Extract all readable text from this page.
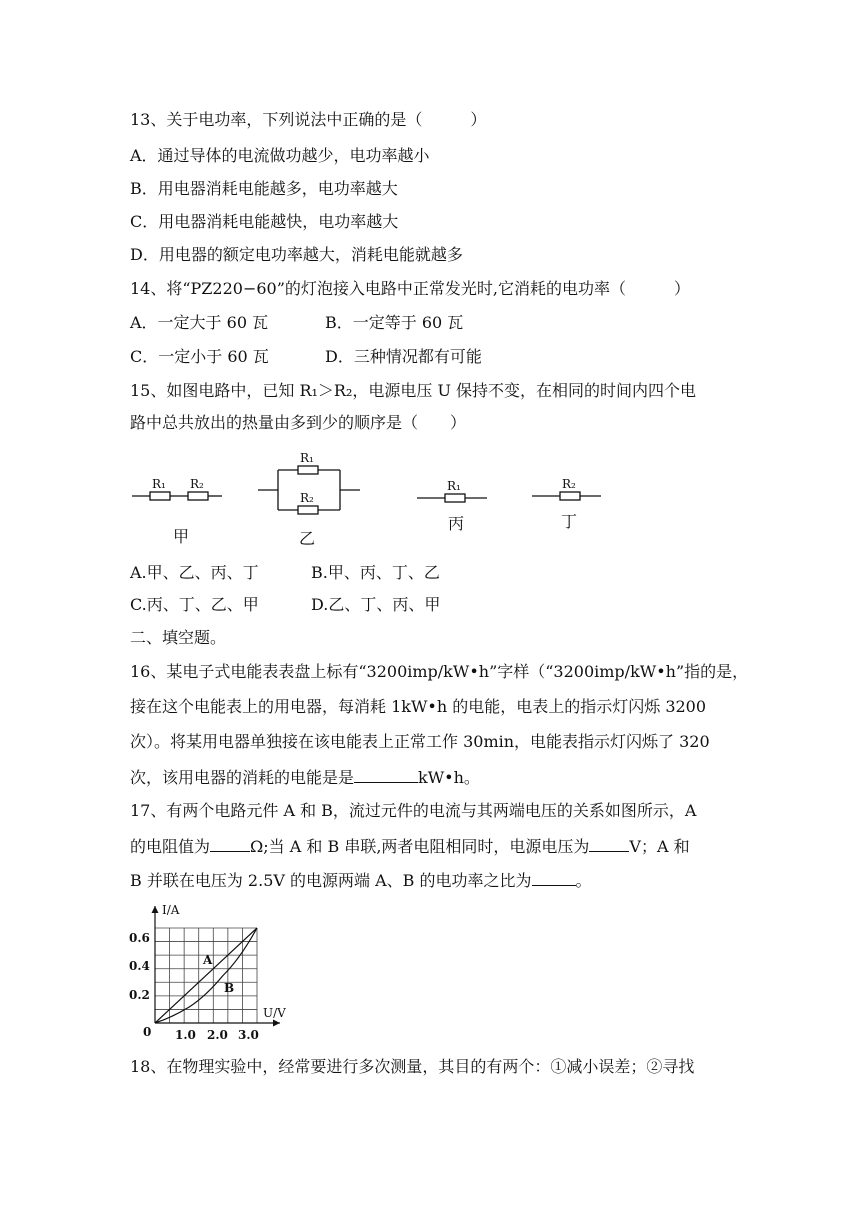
13、关于电功率，下列说法中正确的是（　　　）
A．通过导体的电流做功越少，电功率越小
B．用电器消耗电能越多，电功率越大
C．用电器消耗电能越快，电功率越大
D．用电器的额定电功率越大，消耗电能就越多
14、将“PZ220−60”的灯泡接入电路中正常发光时,它消耗的电功率（　　　）
A．一定大于 60 瓦	B．一定等于 60 瓦
C．一定小于 60 瓦	D．三种情况都有可能
15、如图电路中，已知 R₁＞R₂，电源电压 U 保持不变，在相同的时间内四个电
路中总共放出的热量由多到少的顺序是（　　）
R₁ R₂
R₁
R₂
R₁	R₂
甲	乙
丙	丁
A.甲、乙、丙、丁	B.甲、丙、丁、乙
C.丙、丁、乙、甲	D.乙、丁、丙、甲
二、填空题。
16、某电子式电能表表盘上标有“3200imp/kW•h”字样（“3200imp/kW•h”指的是，
接在这个电能表上的用电器，每消耗 1kW•h 的电能，电表上的指示灯闪烁 3200
次）。将某用电器单独接在该电能表上正常工作 30min，电能表指示灯闪烁了 320
次，该用电器的消耗的电能是是	kW•h。
17、有两个电路元件 A 和 B，流过元件的电流与其两端电压的关系如图所示，A
的电阻值为	Ω;当 A 和 B 串联,两者电阻相同时，电源电压为	V；A 和
B 并联在电压为 2.5V 的电源两端 A、B 的电功率之比为	。
I/A
U/V
0
0.6
0.4
0.2
1.0 2.0 3.0
A
B
18、在物理实验中，经常要进行多次测量，其目的有两个：①减小误差；②寻找
